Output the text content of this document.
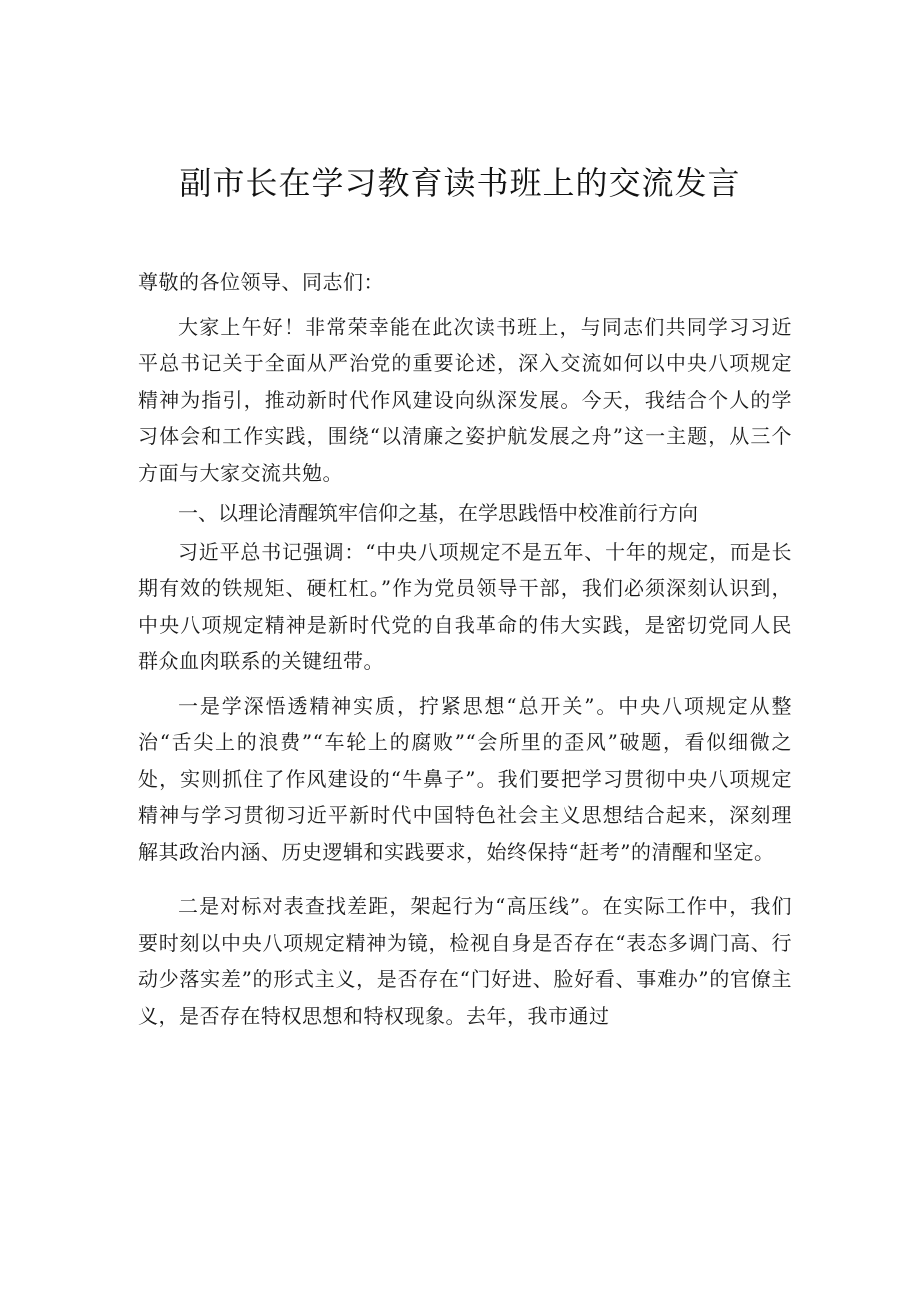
副市长在学习教育读书班上的交流发言

尊敬的各位领导、同志们：

大家上午好！非常荣幸能在此次读书班上，与同志们共同学习习近平总书记关于全面从严治党的重要论述，深入交流如何以中央八项规定精神为指引，推动新时代作风建设向纵深发展。今天，我结合个人的学习体会和工作实践，围绕“以清廉之姿护航发展之舟”这一主题，从三个方面与大家交流共勉。

一、以理论清醒筑牢信仰之基，在学思践悟中校准前行方向

习近平总书记强调：“中央八项规定不是五年、十年的规定，而是长期有效的铁规矩、硬杠杠。”作为党员领导干部，我们必须深刻认识到，中央八项规定精神是新时代党的自我革命的伟大实践，是密切党同人民群众血肉联系的关键纽带。

一是学深悟透精神实质，拧紧思想“总开关”。中央八项规定从整治“舌尖上的浪费”“车轮上的腐败”“会所里的歪风”破题，看似细微之处，实则抓住了作风建设的“牛鼻子”。我们要把学习贯彻中央八项规定精神与学习贯彻习近平新时代中国特色社会主义思想结合起来，深刻理解其政治内涵、历史逻辑和实践要求，始终保持“赶考”的清醒和坚定。

二是对标对表查找差距，架起行为“高压线”。在实际工作中，我们要时刻以中央八项规定精神为镜，检视自身是否存在“表态多调门高、行动少落实差”的形式主义，是否存在“门好进、脸好看、事难办”的官僚主义，是否存在特权思想和特权现象。去年，我市通过
